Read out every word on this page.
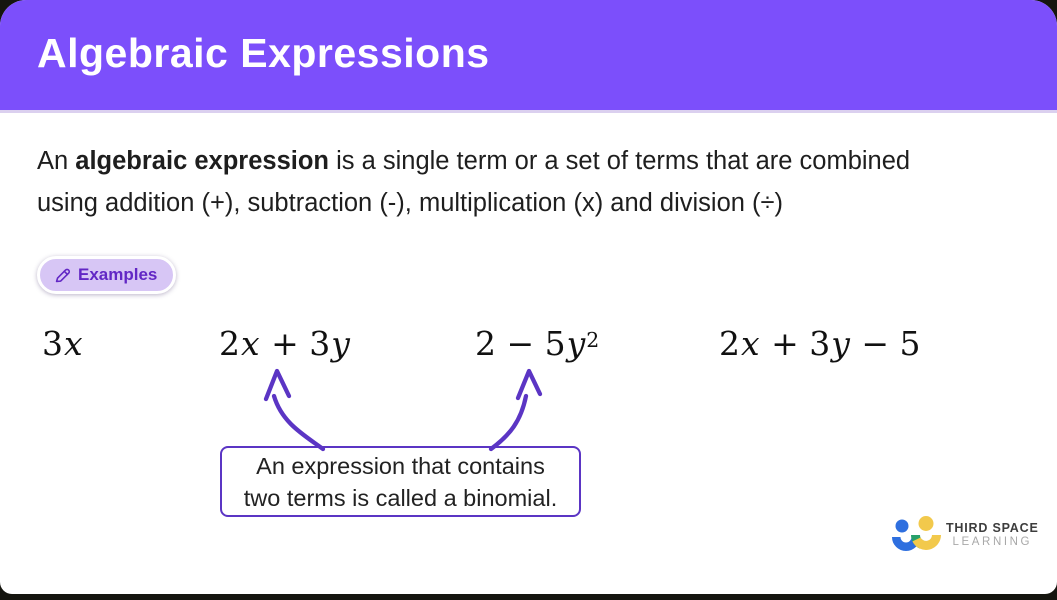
Algebraic Expressions
An algebraic expression is a single term or a set of terms that are combined
using addition (+), subtraction (-), multiplication (x) and division (÷)
Examples
3x	2x + 3y	$2 - 5y^2$	2x + 3y − 5
An expression that contains two terms is called a binomial.
THIRD SPACE
LEARNING
